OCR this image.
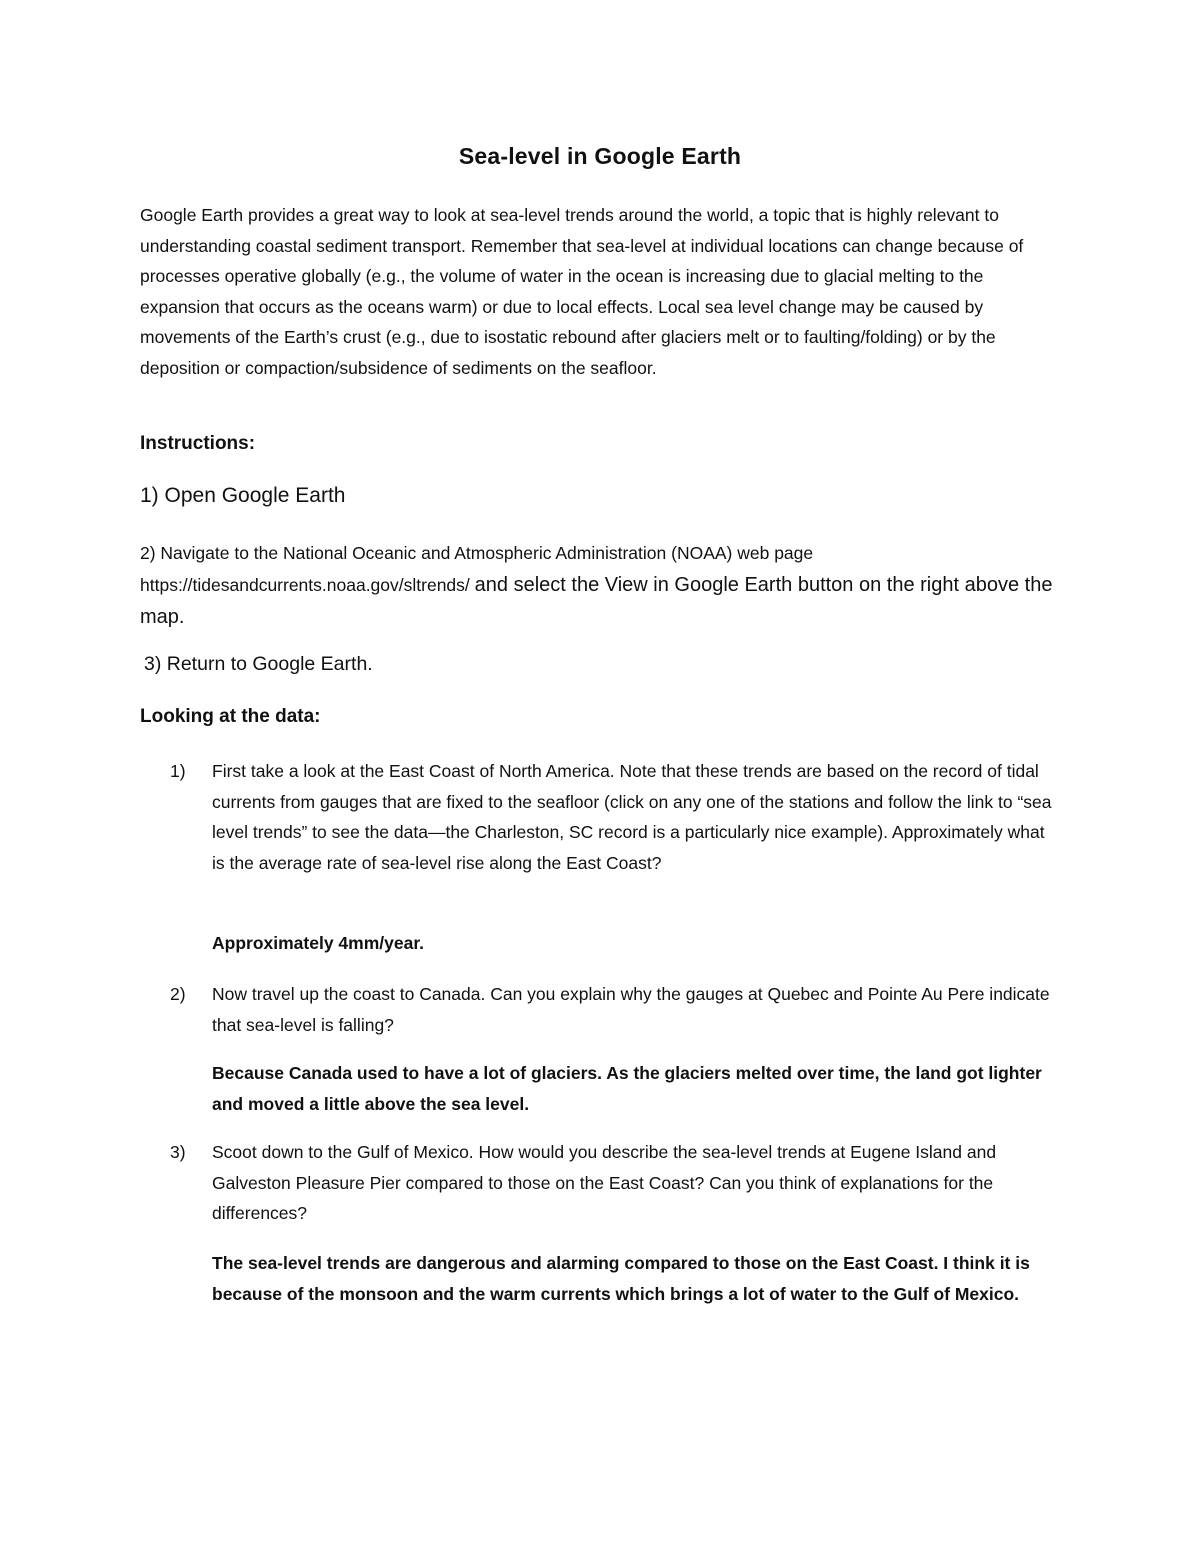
Sea-level in Google Earth
Google Earth provides a great way to look at sea-level trends around the world, a topic that is highly relevant to understanding coastal sediment transport. Remember that sea-level at individual locations can change because of processes operative globally (e.g., the volume of water in the ocean is increasing due to glacial melting to the expansion that occurs as the oceans warm) or due to local effects. Local sea level change may be caused by movements of the Earth’s crust (e.g., due to isostatic rebound after glaciers melt or to faulting/folding) or by the deposition or compaction/subsidence of sediments on the seafloor.
Instructions:
1) Open Google Earth
2) Navigate to the National Oceanic and Atmospheric Administration (NOAA) web page https://tidesandcurrents.noaa.gov/sltrends/ and select the View in Google Earth button on the right above the map.
3) Return to Google Earth.
Looking at the data:
1) First take a look at the East Coast of North America. Note that these trends are based on the record of tidal currents from gauges that are fixed to the seafloor (click on any one of the stations and follow the link to “sea level trends” to see the data—the Charleston, SC record is a particularly nice example). Approximately what is the average rate of sea-level rise along the East Coast?
Approximately 4mm/year.
2) Now travel up the coast to Canada. Can you explain why the gauges at Quebec and Pointe Au Pere indicate that sea-level is falling?
Because Canada used to have a lot of glaciers. As the glaciers melted over time, the land got lighter and moved a little above the sea level.
3) Scoot down to the Gulf of Mexico. How would you describe the sea-level trends at Eugene Island and Galveston Pleasure Pier compared to those on the East Coast? Can you think of explanations for the differences?
The sea-level trends are dangerous and alarming compared to those on the East Coast. I think it is because of the monsoon and the warm currents which brings a lot of water to the Gulf of Mexico.
